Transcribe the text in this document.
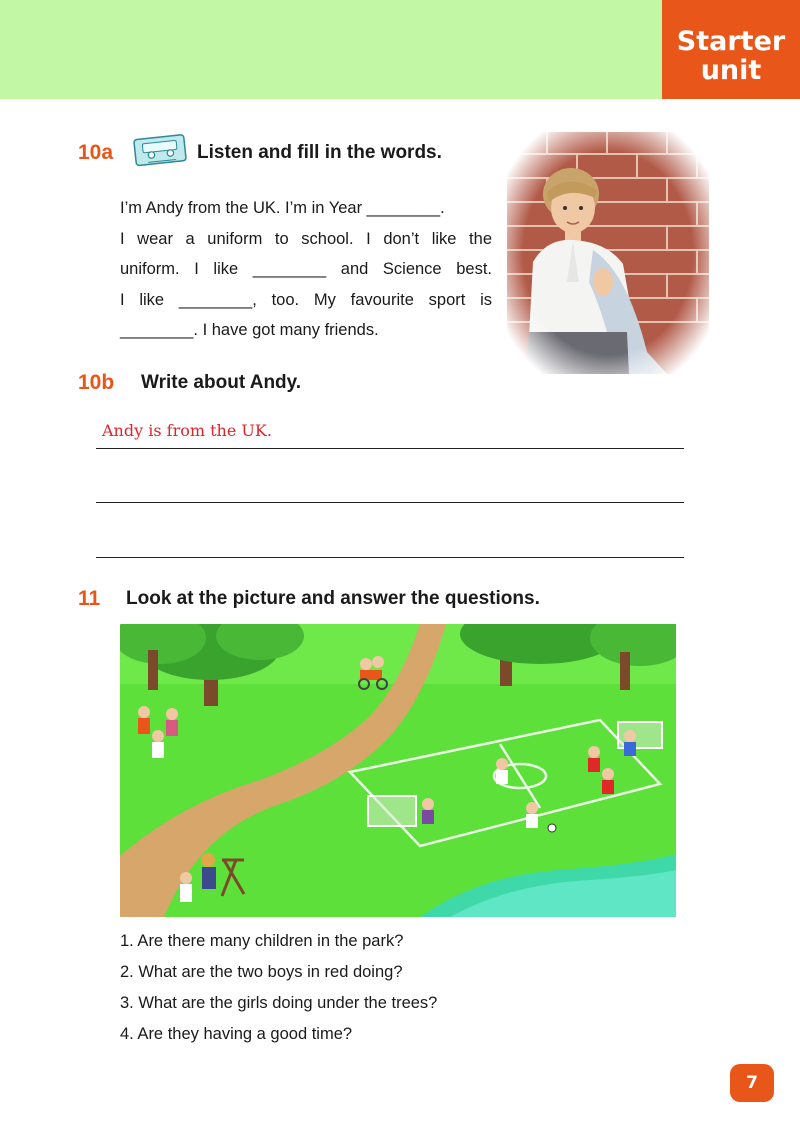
Starter
unit
10a	Listen and fill in the words.

I’m Andy from the UK. I’m in Year ________.

I wear a uniform to school. I don’t like the

uniform. I like ________ and Science best.

I like ________, too. My favourite sport is

________. I have got many friends.

10b Write about Andy.
Andy is from the UK.
11 Look at the picture and answer the questions.
1. Are there many children in the park?
2. What are the two boys in red doing?
3. What are the girls doing under the trees?
4. Are they having a good time?
7
